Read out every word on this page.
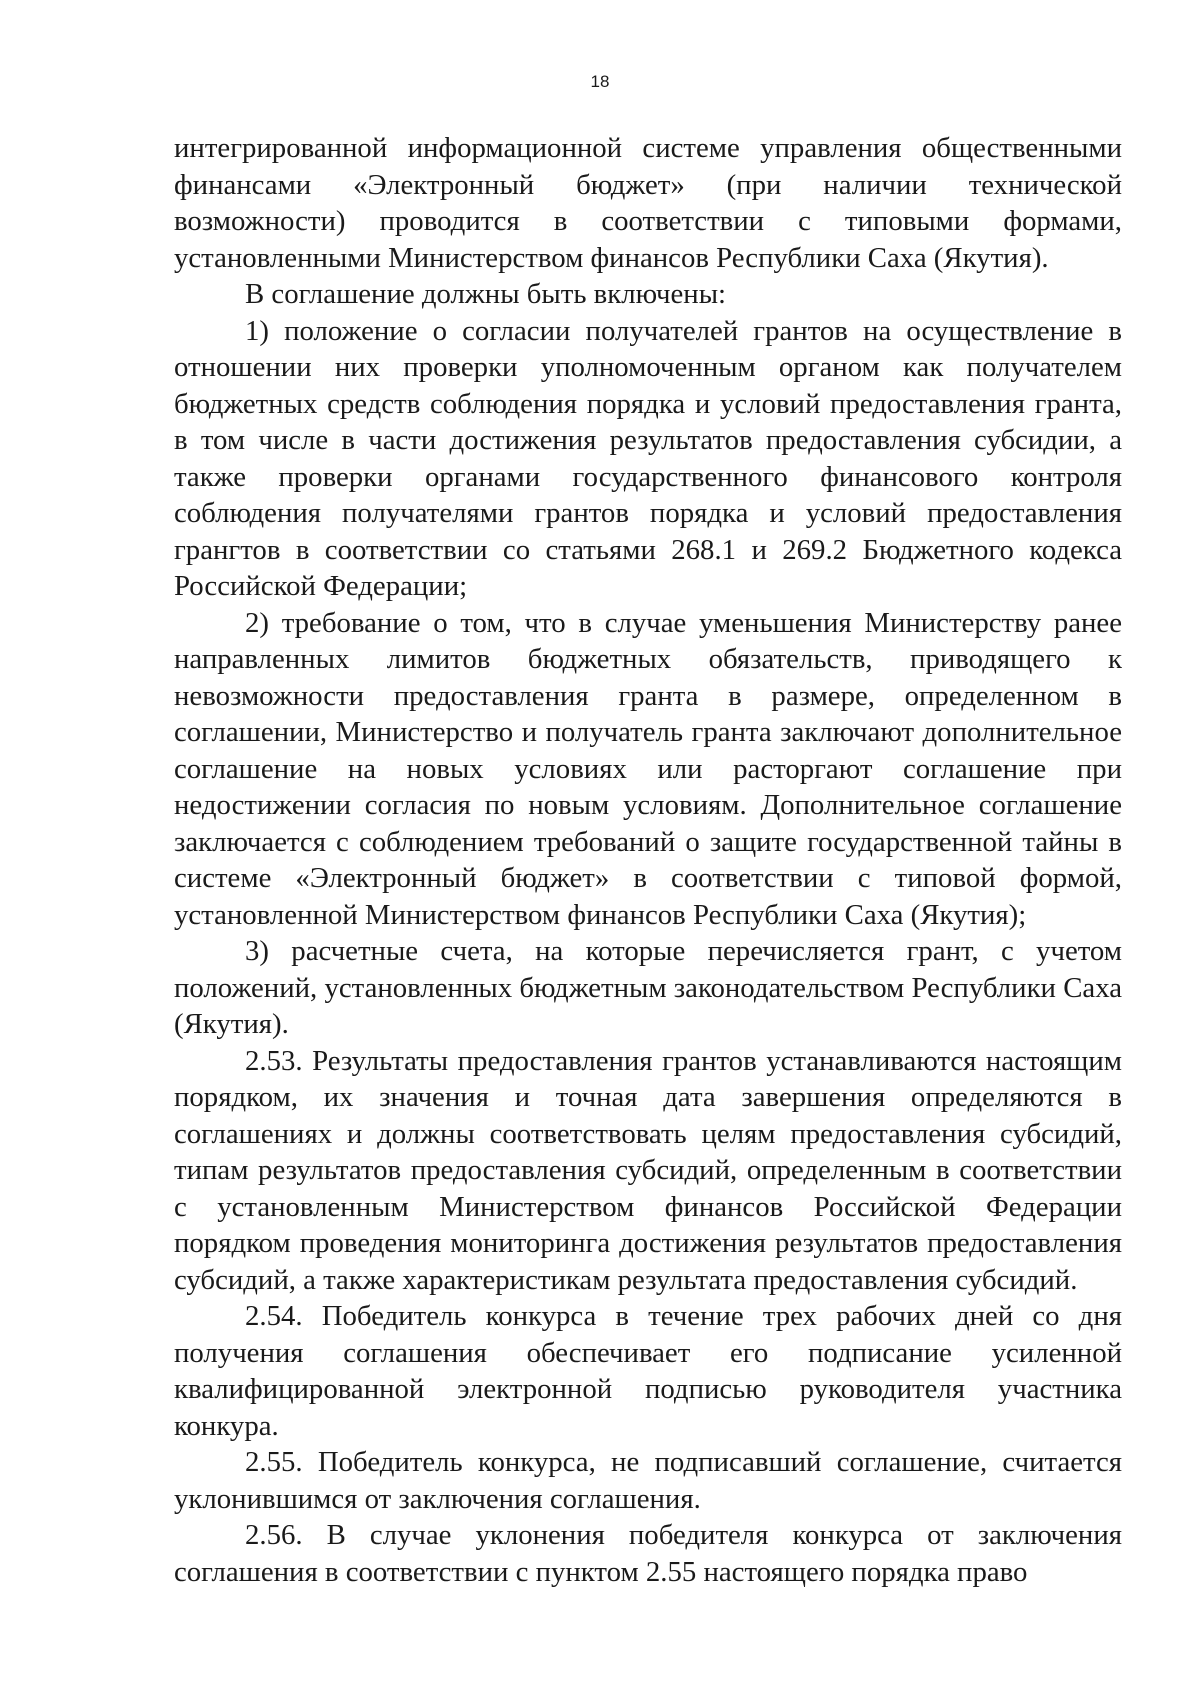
18

интегрированной информационной системе управления общественными финансами «Электронный бюджет» (при наличии технической возможности) проводится в соответствии с типовыми формами, установленными Министерством финансов Республики Саха (Якутия).

В соглашение должны быть включены:

1) положение о согласии получателей грантов на осуществление в отношении них проверки уполномоченным органом как получателем бюджетных средств соблюдения порядка и условий предоставления гранта, в том числе в части достижения результатов предоставления субсидии, а также проверки органами государственного финансового контроля соблюдения получателями грантов порядка и условий предоставления грангтов в соответствии со статьями 268.1 и 269.2 Бюджетного кодекса Российской Федерации;

2) требование о том, что в случае уменьшения Министерству ранее направленных лимитов бюджетных обязательств, приводящего к невозможности предоставления гранта в размере, определенном в соглашении, Министерство и получатель гранта заключают дополнительное соглашение на новых условиях или расторгают соглашение при недостижении согласия по новым условиям. Дополнительное соглашение заключается с соблюдением требований о защите государственной тайны в системе «Электронный бюджет» в соответствии с типовой формой, установленной Министерством финансов Республики Саха (Якутия);

3) расчетные счета, на которые перечисляется грант, с учетом положений, установленных бюджетным законодательством Республики Саха (Якутия).

2.53. Результаты предоставления грантов устанавливаются настоящим порядком, их значения и точная дата завершения определяются в соглашениях и должны соответствовать целям предоставления субсидий, типам результатов предоставления субсидий, определенным в соответствии с установленным Министерством финансов Российской Федерации порядком проведения мониторинга достижения результатов предоставления субсидий, а также характеристикам результата предоставления субсидий.

2.54. Победитель конкурса в течение трех рабочих дней со дня получения соглашения обеспечивает его подписание усиленной квалифицированной электронной подписью руководителя участника конкура.

2.55. Победитель конкурса, не подписавший соглашение, считается уклонившимся от заключения соглашения.

2.56. В случае уклонения победителя конкурса от заключения соглашения в соответствии с пунктом 2.55 настоящего порядка право
